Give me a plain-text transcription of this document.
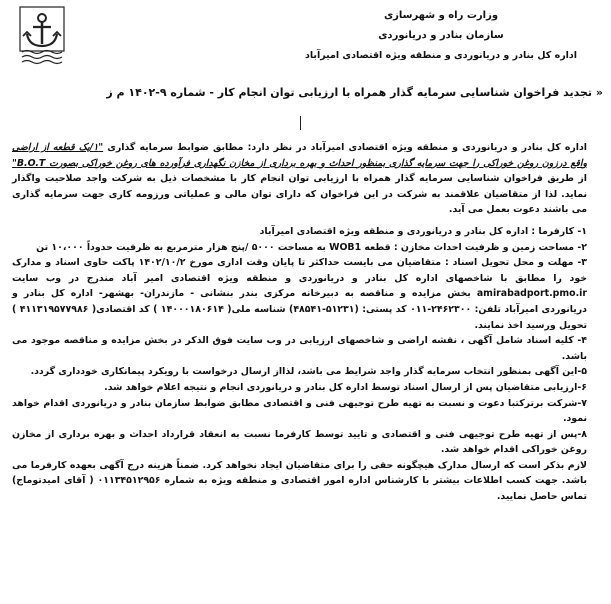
وزارت راه و شهرسازی
سازمان بنادر و دریانوردی
اداره کل بنادر و دریانوردی و منطقه ویژه اقتصادی امیرآباد
« تجدید فراخوان شناسایی سرمایه گذار همراه با ارزیابی توان انجام کار - شماره ۹-۱۴۰۲ م ز

اداره کل بنادر و دریانوردی و منطقه ویژه اقتصادی امیرآباد در نظر دارد: مطابق ضوابط سرمایه گذاری "۱/یک قطعه از اراضی واقع درزون روغن خوراکی را جهت سرمایه گذاری بمنظور احداث و بهره برداری از مخازن نگهداری فرآورده های روغن خوراکی بصورت B.O.T" از طریق فراخوان شناسایی سرمایه گذار همراه با ارزیابی توان انجام کار با مشخصات ذیل به شرکت واجد صلاحیت واگذار نماید. لذا از متقاضیان علاقمند به شرکت در این فراخوان که دارای توان مالی و عملیاتی ورزومه کاری جهت سرمایه گذاری می باشند دعوت بعمل می آید.

۱- کارفرما : اداره کل بنادر و دریانوردی و منطقه ویژه اقتصادی امیرآباد

۲- مساحت زمین و ظرفیت احداث مخازن : قطعه WOB1 به مساحت ۵۰۰۰ /پنج هزار مترمربع به ظرفیت حدوداً ۱۰،۰۰۰ تن

۳- مهلت و محل تحویل اسناد : متقاضیان می بایست حداکثر تا پایان وقت اداری مورخ ۱۴۰۲/۱۰/۲ پاکت حاوی اسناد و مدارک خود را مطابق با شاخصهای اداره کل بنادر و دریانوردی و منطقه ویژه اقتصادی امیر آباد مندرج در وب سایت amirabadport.pmo.ir بخش مزایده و مناقصه به دبیرخانه مرکزی بندر بنشانی - مازندران- بهشهر- اداره کل بنادر و دریانوردی امیرآباد تلفن: ۲۴۶۲۳۰۰-۰۱۱ کد پستی: (۵۱۲۳۱-۴۸۵۴۱) شناسه ملی( ۱۴۰۰۰۱۸۰۶۱۴ ) کد اقتصادی( ۴۱۱۳۱۹۵۷۷۹۸۶ ) تحویل ورسید اخذ نمایند.

۴- کلیه اسناد شامل آگهی ، نقشه اراضی و شاخصهای ارزیابی در وب سایت فوق الذکر در بخش مزایده و مناقصه موجود می باشد.

۵-این آگهی بمنظور انتخاب سرمایه گذار واجد شرایط می باشد، لذااز ارسال درخواست با رویکرد پیمانکاری خودداری گردد.

۶-ارزیابی متقاضیان پس از ارسال اسناد توسط اداره کل بنادر و دریانوردی انجام و نتیجه اعلام خواهد شد.

۷-شرکت برترکتبا دعوت و نسبت به تهیه طرح توجیهی فنی و اقتصادی مطابق ضوابط سازمان بنادر و دریانوردی اقدام خواهد نمود.

۸-پس از تهیه طرح توجیهی فنی و اقتصادی و تایید توسط کارفرما نسبت به انعقاد قرارداد احداث و بهره برداری از مخازن روغن خوراکی اقدام خواهد شد.

لازم بذکر است که ارسال مدارک هیچگونه حقی را برای متقاضیان ایجاد نخواهد کرد. ضمناً هزینه درج آگهی بعهده کارفرما می باشد. جهت کسب اطلاعات بیشتر با کارشناس اداره امور اقتصادی و منطقه ویژه به شماره ۰۱۱۳۴۵۱۲۹۵۶ ( آقای امیدتوماج) تماس حاصل نمایید.
